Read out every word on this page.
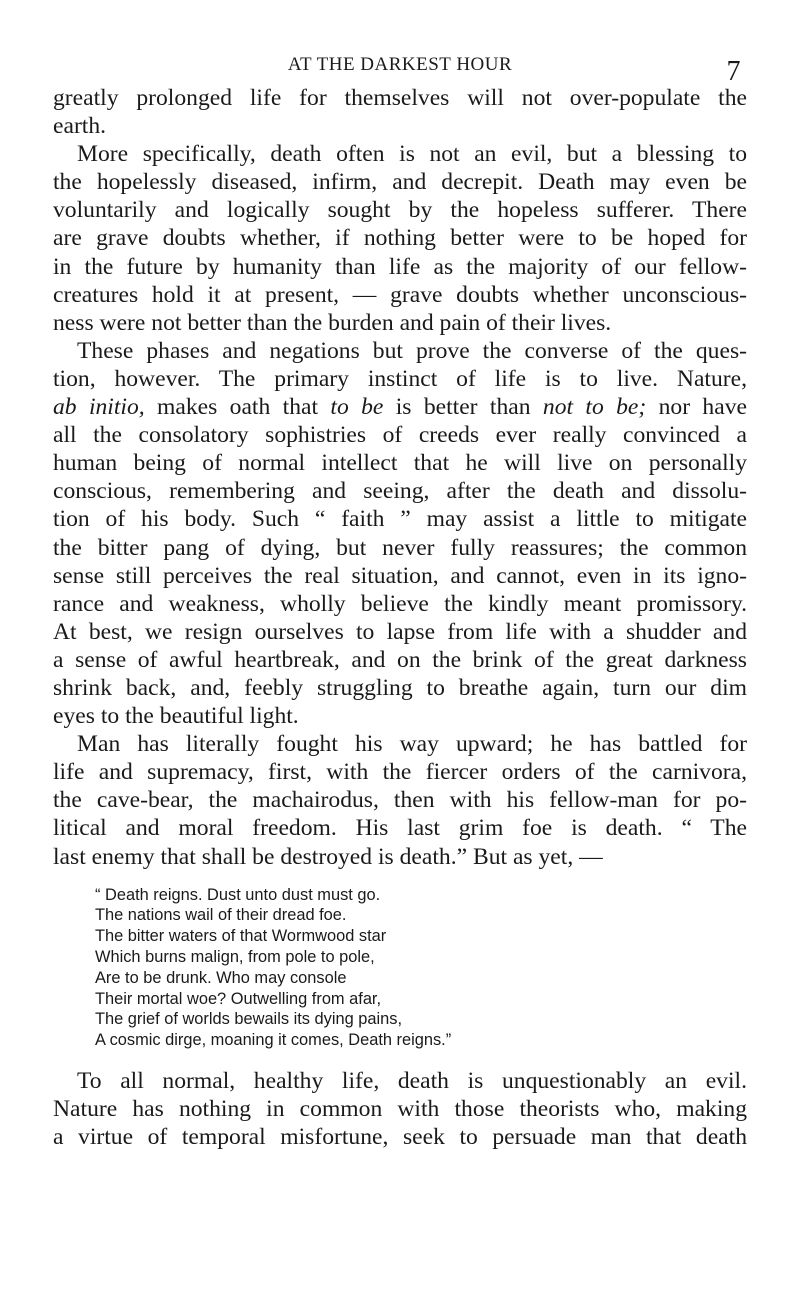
AT THE DARKEST HOUR	7
greatly prolonged life for themselves will not over-populate the
earth.
More specifically, death often is not an evil, but a blessing to
the hopelessly diseased, infirm, and decrepit. Death may even be
voluntarily and logically sought by the hopeless sufferer. There
are grave doubts whether, if nothing better were to be hoped for
in the future by humanity than life as the majority of our fellow-
creatures hold it at present, — grave doubts whether unconscious-
ness were not better than the burden and pain of their lives.
These phases and negations but prove the converse of the ques-
tion, however. The primary instinct of life is to live. Nature,
ab initio, makes oath that to be is better than not to be; nor have
all the consolatory sophistries of creeds ever really convinced a
human being of normal intellect that he will live on personally
conscious, remembering and seeing, after the death and dissolu-
tion of his body. Such “ faith ” may assist a little to mitigate
the bitter pang of dying, but never fully reassures; the common
sense still perceives the real situation, and cannot, even in its igno-
rance and weakness, wholly believe the kindly meant promissory.
At best, we resign ourselves to lapse from life with a shudder and
a sense of awful heartbreak, and on the brink of the great darkness
shrink back, and, feebly struggling to breathe again, turn our dim
eyes to the beautiful light.
Man has literally fought his way upward; he has battled for
life and supremacy, first, with the fiercer orders of the carnivora,
the cave-bear, the machairodus, then with his fellow-man for po-
litical and moral freedom. His last grim foe is death. “ The
last enemy that shall be destroyed is death.” But as yet, —
“ Death reigns. Dust unto dust must go.
The nations wail of their dread foe.
The bitter waters of that Wormwood star
Which burns malign, from pole to pole,
Are to be drunk. Who may console
Their mortal woe? Outwelling from afar,
The grief of worlds bewails its dying pains,
A cosmic dirge, moaning it comes, Death reigns.”
To all normal, healthy life, death is unquestionably an evil.
Nature has nothing in common with those theorists who, making
a virtue of temporal misfortune, seek to persuade man that death
